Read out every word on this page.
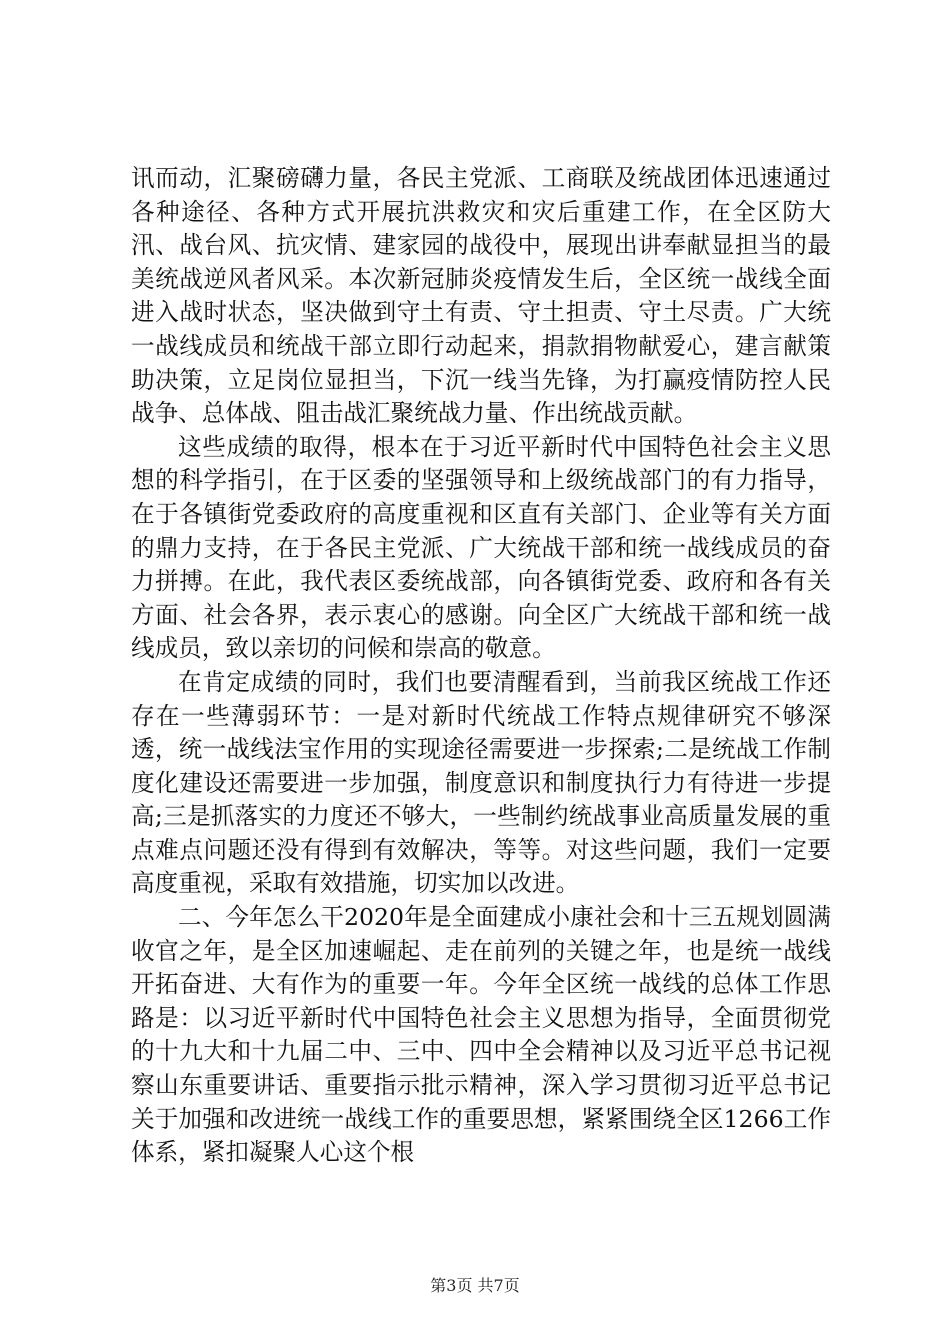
讯而动，汇聚磅礴力量，各民主党派、工商联及统战团体迅速通过各种途径、各种方式开展抗洪救灾和灾后重建工作，在全区防大汛、战台风、抗灾情、建家园的战役中，展现出讲奉献显担当的最美统战逆风者风采。本次新冠肺炎疫情发生后，全区统一战线全面进入战时状态，坚决做到守土有责、守土担责、守土尽责。广大统一战线成员和统战干部立即行动起来，捐款捐物献爱心，建言献策助决策，立足岗位显担当，下沉一线当先锋，为打赢疫情防控人民战争、总体战、阻击战汇聚统战力量、作出统战贡献。

这些成绩的取得，根本在于习近平新时代中国特色社会主义思想的科学指引，在于区委的坚强领导和上级统战部门的有力指导，在于各镇街党委政府的高度重视和区直有关部门、企业等有关方面的鼎力支持，在于各民主党派、广大统战干部和统一战线成员的奋力拼搏。在此，我代表区委统战部，向各镇街党委、政府和各有关方面、社会各界，表示衷心的感谢。向全区广大统战干部和统一战线成员，致以亲切的问候和崇高的敬意。

在肯定成绩的同时，我们也要清醒看到，当前我区统战工作还存在一些薄弱环节：一是对新时代统战工作特点规律研究不够深透，统一战线法宝作用的实现途径需要进一步探索;二是统战工作制度化建设还需要进一步加强，制度意识和制度执行力有待进一步提高;三是抓落实的力度还不够大，一些制约统战事业高质量发展的重点难点问题还没有得到有效解决，等等。对这些问题，我们一定要高度重视，采取有效措施，切实加以改进。

二、今年怎么干2020年是全面建成小康社会和十三五规划圆满收官之年，是全区加速崛起、走在前列的关键之年，也是统一战线开拓奋进、大有作为的重要一年。今年全区统一战线的总体工作思路是：以习近平新时代中国特色社会主义思想为指导，全面贯彻党的十九大和十九届二中、三中、四中全会精神以及习近平总书记视察山东重要讲话、重要指示批示精神，深入学习贯彻习近平总书记关于加强和改进统一战线工作的重要思想，紧紧围绕全区1266工作体系，紧扣凝聚人心这个根

第3页 共7页
